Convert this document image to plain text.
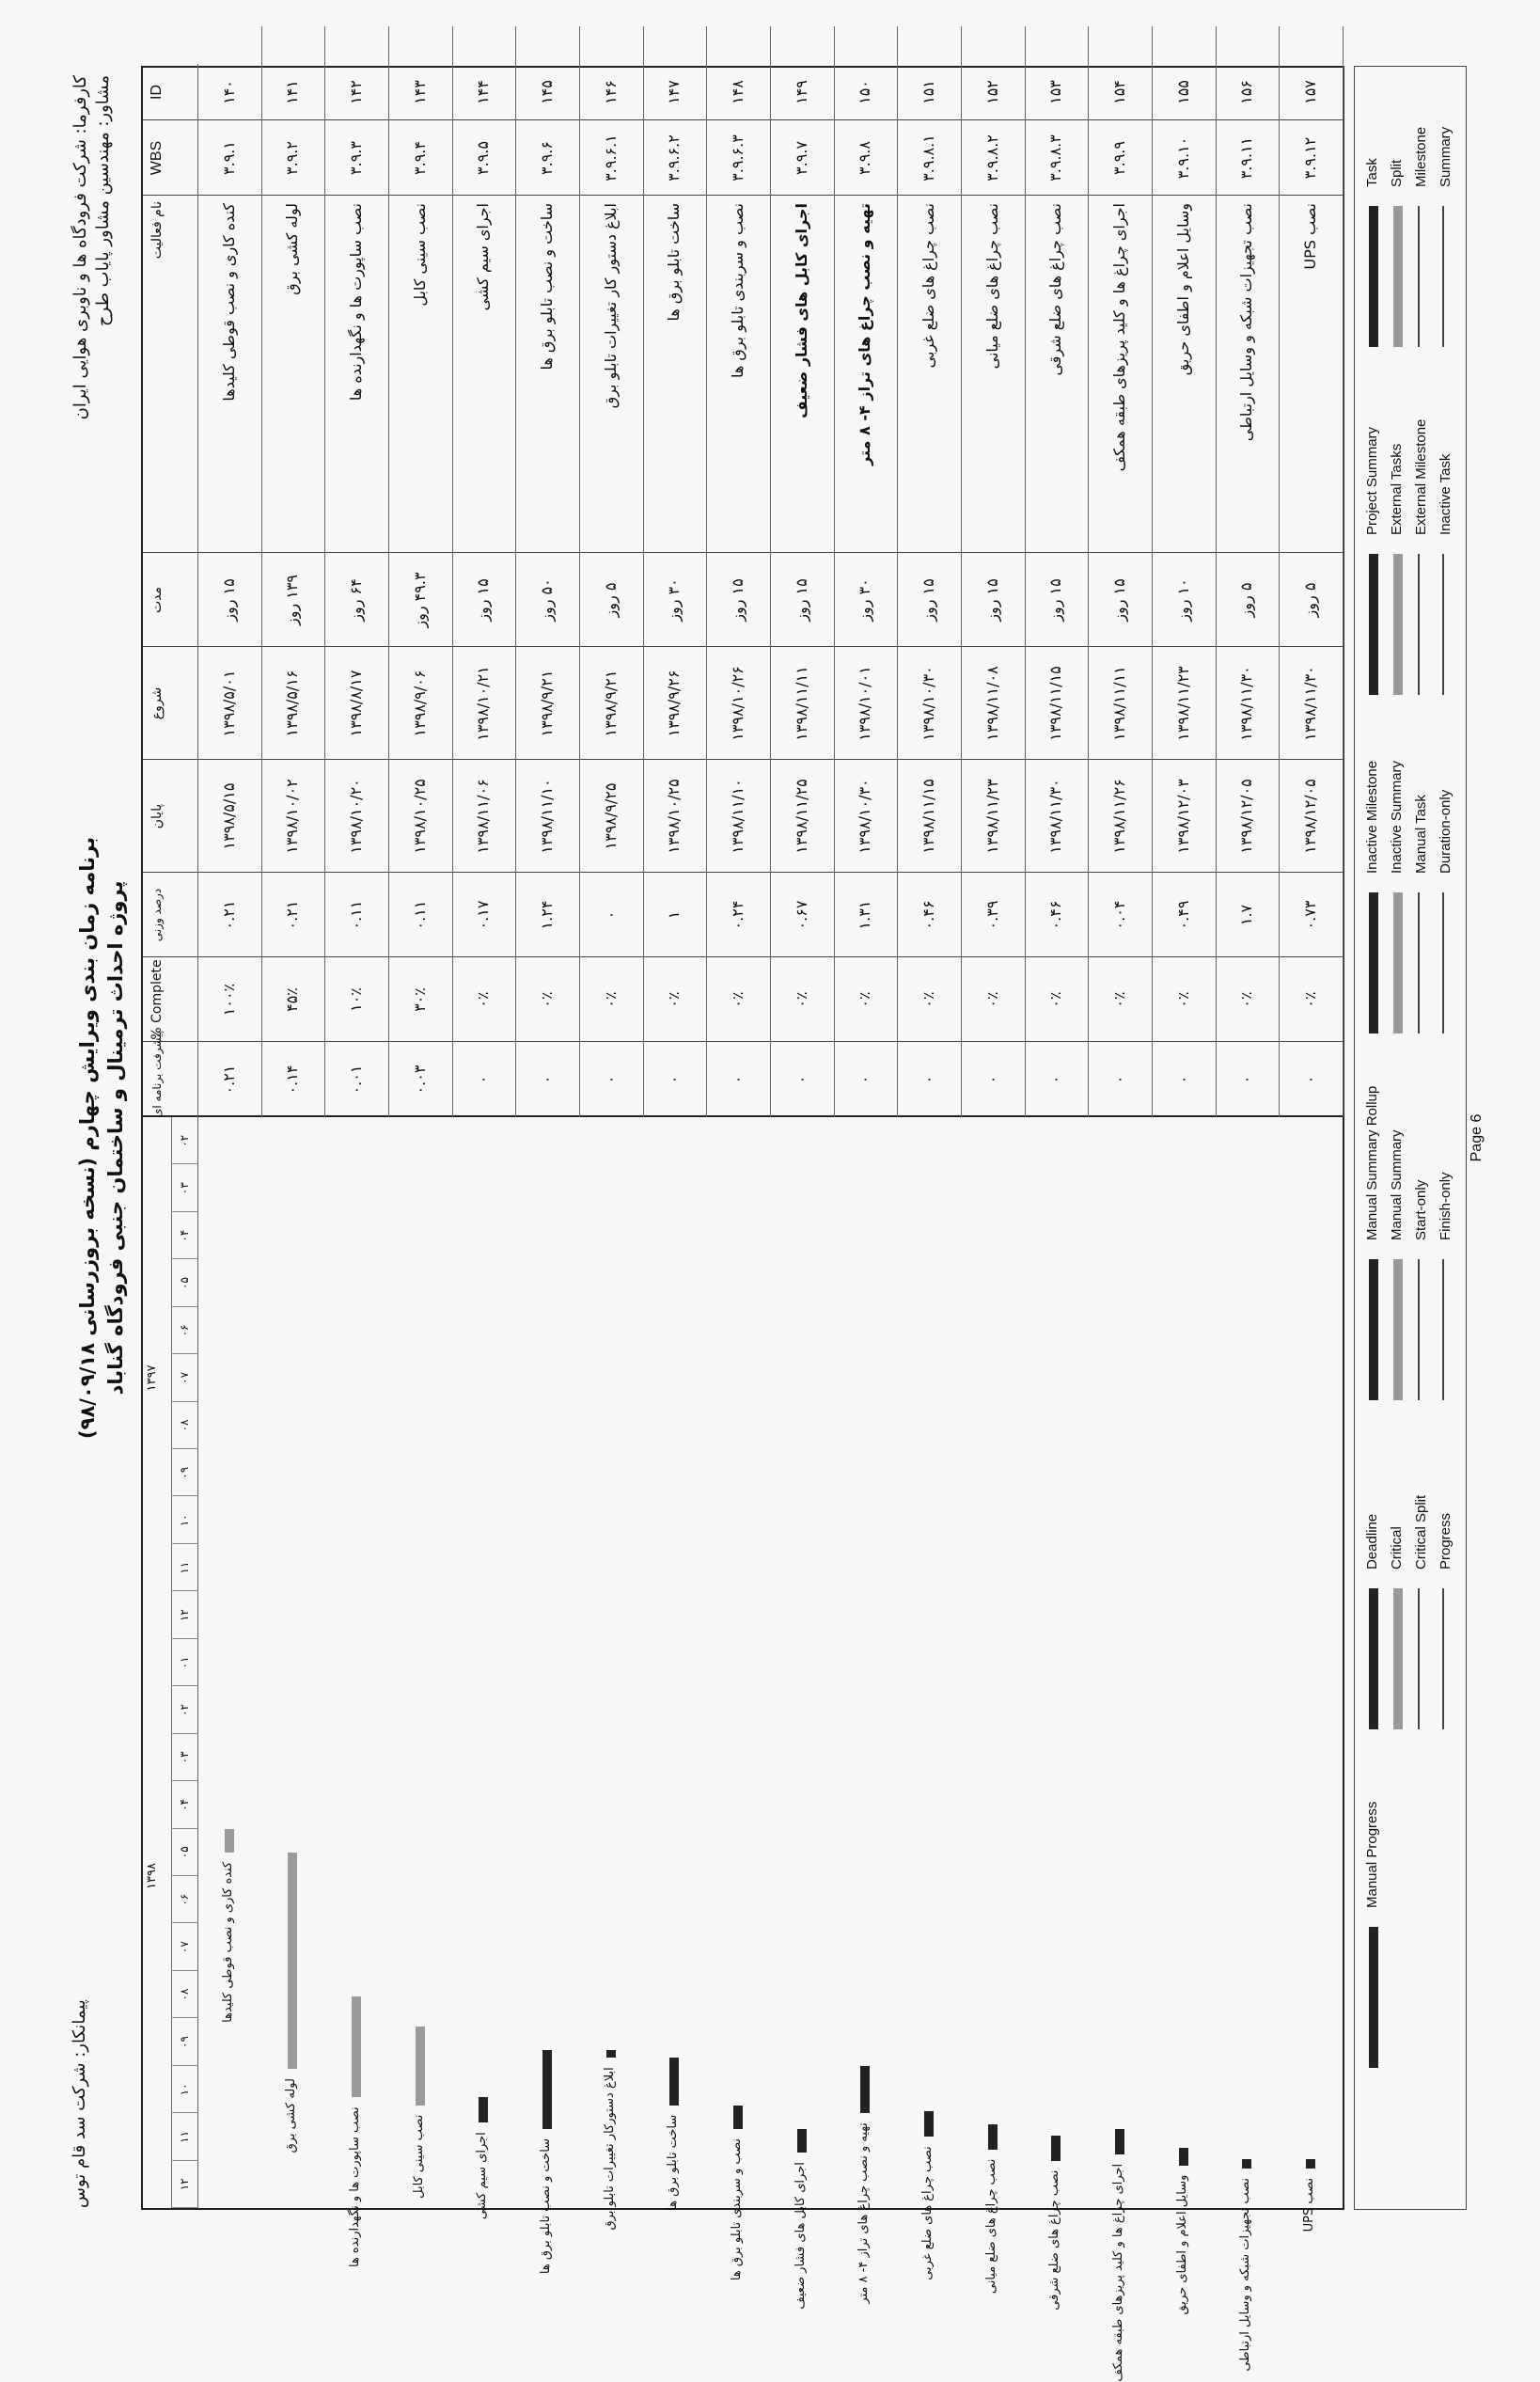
پیمانکار: شرکت سد قام توس
برنامه زمان بندی ویرایش چهارم (نسخه بروزرسانی ۹۸/۰۹/۱۸) پروژه احداث ترمینال و ساختمان جنبی فرودگاه گناباد
کارفرما: شرکت فرودگاه ها و ناوبری هوایی ایران مشاور: مهندسین مشاور پایاب طرح
پیشرفت برنامه ای
% Complete
درصد وزنی
پایان
شروع
مدت
نام فعالیت
WBS
ID
۰۲
۰۳
۰۴
۰۵
۰۶
۰۷
۰۸
۰۹
۱۰
۱۱
۱۲
۰۱
۰۲
۰۳
۰۴
۰۵
۰۶
۰۷
۰۸
۰۹
۱۰
۱۱
۱۲
۱۳۹۷
۱۳۹۸
۰.۲۱
۱۰۰٪
۰.۲۱
۱۳۹۸/۵/۱۵
۱۳۹۸/۵/۰۱
۱۵ روز
کنده کاری و نصب قوطی کلیدها
۳.۹.۱
۱۴۰
کنده کاری و نصب قوطی کلیدها
۰.۱۴
۴۵٪
۰.۲۱
۱۳۹۸/۱۰/۰۲
۱۳۹۸/۵/۱۶
۱۳۹ روز
لوله کشی برق
۳.۹.۲
۱۴۱
لوله کشی برق
۰.۰۱
۱۰٪
۰.۱۱
۱۳۹۸/۱۰/۲۰
۱۳۹۸/۸/۱۷
۶۴ روز
نصب ساپورت ها و نگهدارنده ها
۳.۹.۳
۱۴۲
نصب ساپورت ها و نگهدارنده ها
۰.۰۳
۳۰٪
۰.۱۱
۱۳۹۸/۱۰/۲۵
۱۳۹۸/۹/۰۶
۴۹.۳ روز
نصب سینی کابل
۳.۹.۴
۱۴۳
نصب سینی کابل
۰
۰٪
۰.۱۷
۱۳۹۸/۱۱/۰۶
۱۳۹۸/۱۰/۲۱
۱۵ روز
اجرای سیم کشی
۳.۹.۵
۱۴۴
اجرای سیم کشی
۰
۰٪
۱.۲۴
۱۳۹۸/۱۱/۱۰
۱۳۹۸/۹/۲۱
۵۰ روز
ساخت و نصب تابلو برق ها
۳.۹.۶
۱۴۵
ساخت و نصب تابلو برق ها
۰
۰٪
۰
۱۳۹۸/۹/۲۵
۱۳۹۸/۹/۲۱
۵ روز
ابلاغ دستور کار تغییرات تابلو برق
۳.۹.۶.۱
۱۴۶
ابلاغ دستورکار تغییرات تابلو برق
۰
۰٪
۱
۱۳۹۸/۱۰/۲۵
۱۳۹۸/۹/۲۶
۳۰ روز
ساخت تابلو برق ها
۳.۹.۶.۲
۱۴۷
ساخت تابلو برق ها
۰
۰٪
۰.۲۴
۱۳۹۸/۱۱/۱۰
۱۳۹۸/۱۰/۲۶
۱۵ روز
نصب و سربندی تابلو برق ها
۳.۹.۶.۳
۱۴۸
نصب و سربندی تابلو برق ها
۰
۰٪
۰.۶۷
۱۳۹۸/۱۱/۲۵
۱۳۹۸/۱۱/۱۱
۱۵ روز
اجرای کابل های فشار ضعیف
۳.۹.۷
۱۴۹
اجرای کابل های فشار ضعیف
۰
۰٪
۱.۳۱
۱۳۹۸/۱۰/۳۰
۱۳۹۸/۱۰/۰۱
۳۰ روز
تهیه و نصب چراغ های تراز ۴- ۸ متر
۳.۹.۸
۱۵۰
تهیه و نصب چراغ های تراز ۴- ۸ متر
۰
۰٪
۰.۴۶
۱۳۹۸/۱۱/۱۵
۱۳۹۸/۱۰/۳۰
۱۵ روز
نصب چراغ های ضلع غربی
۳.۹.۸.۱
۱۵۱
نصب چراغ های ضلع غربی
۰
۰٪
۰.۳۹
۱۳۹۸/۱۱/۲۳
۱۳۹۸/۱۱/۰۸
۱۵ روز
نصب چراغ های ضلع میانی
۳.۹.۸.۲
۱۵۲
نصب چراغ های ضلع میانی
۰
۰٪
۰.۴۶
۱۳۹۸/۱۱/۳۰
۱۳۹۸/۱۱/۱۵
۱۵ روز
نصب چراغ های ضلع شرقی
۳.۹.۸.۳
۱۵۳
نصب چراغ های ضلع شرقی
۰
۰٪
۰.۰۴
۱۳۹۸/۱۱/۲۶
۱۳۹۸/۱۱/۱۱
۱۵ روز
اجرای چراغ ها و کلید پریزهای طبقه همکف
۳.۹.۹
۱۵۴
اجرای چراغ ها و کلید پریزهای طبقه همکف
۰
۰٪
۰.۴۹
۱۳۹۸/۱۲/۰۳
۱۳۹۸/۱۱/۲۳
۱۰ روز
وسایل اعلام و اطفای حریق
۳.۹.۱۰
۱۵۵
وسایل اعلام و اطفای حریق
۰
۰٪
۱.۷
۱۳۹۸/۱۲/۰۵
۱۳۹۸/۱۱/۳۰
۵ روز
نصب تجهیزات شبکه و وسایل ارتباطی
۳.۹.۱۱
۱۵۶
نصب تجهیزات شبکه و وسایل ارتباطی
۰
۰٪
۰.۷۳
۱۳۹۸/۱۲/۰۵
۱۳۹۸/۱۱/۳۰
۵ روز
نصب UPS
۳.۹.۱۲
۱۵۷
نصب UPS
Task Split Milestone Summary
Project Summary External Tasks External Milestone Inactive Task
Inactive Milestone Inactive Summary Manual Task Duration-only
Manual Summary Rollup Manual Summary Start-only Finish-only
Deadline Critical Critical Split Progress
Manual Progress
Page 6
